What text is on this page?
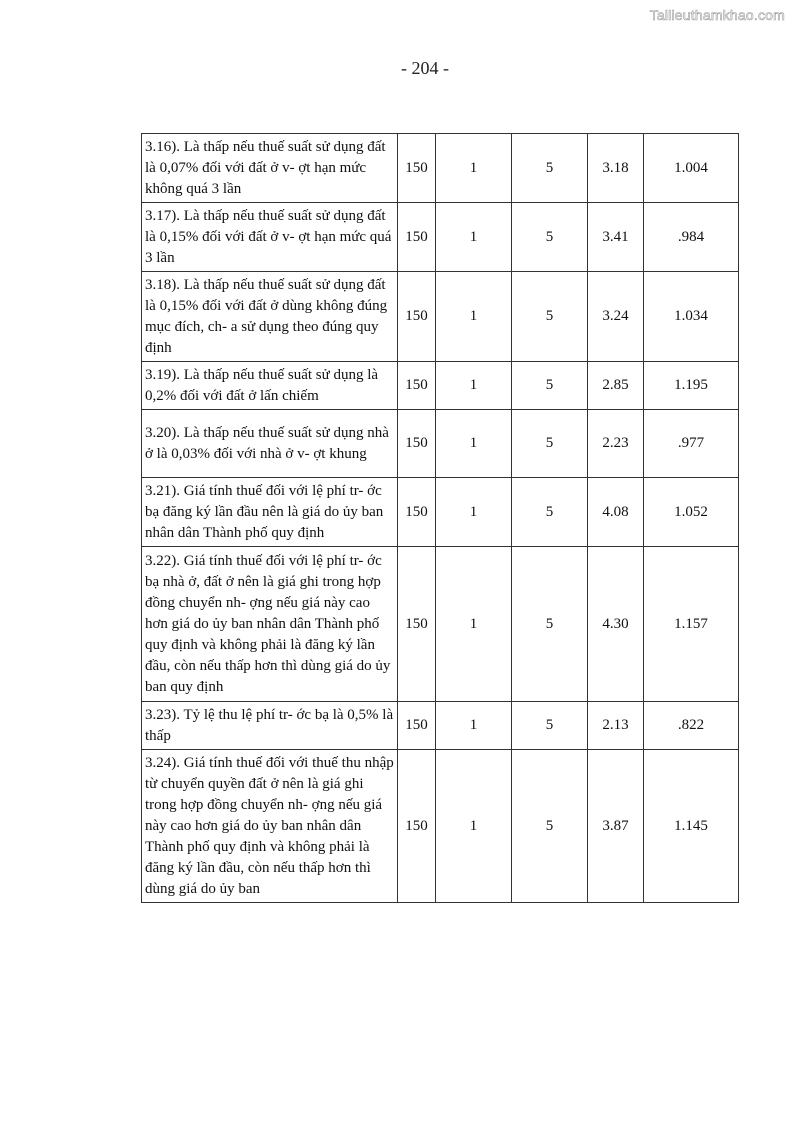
Tailieuthamkhao.com
- 204 -
3.16). Là thấp nếu thuế suất sử dụng đất là 0,07% đối với đất ở v- ợt hạn mức không quá 3 lần	150	1	5	3.18	1.004
3.17). Là thấp nếu thuế suất sử dụng đất là 0,15% đối với đất ở v- ợt hạn mức quá 3 lần	150	1	5	3.41	.984
3.18). Là thấp nếu thuế suất sử dụng đất là 0,15% đối với đất ở dùng không đúng mục đích, ch- a sử dụng theo đúng quy định	150	1	5	3.24	1.034
3.19). Là thấp nếu thuế suất sử dụng là 0,2% đối với đất ở lấn chiếm	150	1	5	2.85	1.195
3.20). Là thấp nếu thuế suất sử dụng nhà ở là 0,03% đối với nhà ở v- ợt khung	150	1	5	2.23	.977
3.21). Giá tính thuế đối với lệ phí tr- ớc bạ đăng ký lần đầu nên là giá do ủy ban nhân dân Thành phố quy định	150	1	5	4.08	1.052
3.22). Giá tính thuế đối với lệ phí tr- ớc bạ nhà ở, đất ở nên là giá ghi trong hợp đồng chuyển nh- ợng nếu giá này cao hơn giá do ủy ban nhân dân Thành phố quy định và không phải là đăng ký lần đầu, còn nếu thấp hơn thì dùng giá do ủy ban quy định	150	1	5	4.30	1.157
3.23). Tỷ lệ thu lệ phí tr- ớc bạ là 0,5% là thấp	150	1	5	2.13	.822
3.24). Giá tính thuế đối với thuế thu nhập từ chuyển quyền đất ở nên là giá ghi trong hợp đồng chuyển nh- ợng nếu giá này cao hơn giá do ủy ban nhân dân Thành phố quy định và không phải là đăng ký lần đầu, còn nếu thấp hơn thì dùng giá do ủy ban	150	1	5	3.87	1.145
